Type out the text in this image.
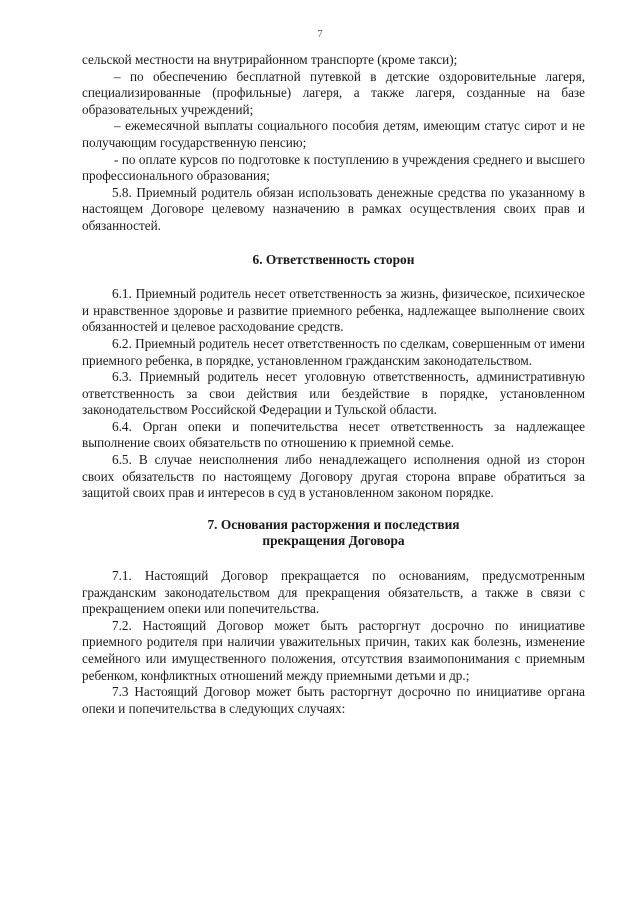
7

сельской местности на внутрирайонном транспорте (кроме такси);

– по обеспечению бесплатной путевкой в детские оздоровительные лагеря, специализированные (профильные) лагеря, а также лагеря, созданные на базе образовательных учреждений;

– ежемесячной выплаты социального пособия детям, имеющим статус сирот и не получающим государственную пенсию;

- по оплате курсов по подготовке к поступлению в учреждения среднего и высшего профессионального образования;

5.8. Приемный родитель обязан использовать денежные средства по указанному в настоящем Договоре целевому назначению в рамках осуществления своих прав и обязанностей.

6. Ответственность сторон

6.1. Приемный родитель несет ответственность за жизнь, физическое, психическое и нравственное здоровье и развитие приемного ребенка, надлежащее выполнение своих обязанностей и целевое расходование средств.

6.2. Приемный родитель несет ответственность по сделкам, совершенным от имени приемного ребенка, в порядке, установленном гражданским законодательством.

6.3. Приемный родитель несет уголовную ответственность, административную ответственность за свои действия или бездействие в порядке, установленном законодательством Российской Федерации и Тульской области.

6.4. Орган опеки и попечительства несет ответственность за надлежащее выполнение своих обязательств по отношению к приемной семье.

6.5. В случае неисполнения либо ненадлежащего исполнения одной из сторон своих обязательств по настоящему Договору другая сторона вправе обратиться за защитой своих прав и интересов в суд в установленном законом порядке.

7. Основания расторжения и последствия

прекращения Договора

7.1. Настоящий Договор прекращается по основаниям, предусмотренным гражданским законодательством для прекращения обязательств, а также в связи с прекращением опеки или попечительства.

7.2. Настоящий Договор может быть расторгнут досрочно по инициативе приемного родителя при наличии уважительных причин, таких как болезнь, изменение семейного или имущественного положения, отсутствия взаимопонимания с приемным ребенком, конфликтных отношений между приемными детьми и др.;

7.3 Настоящий Договор может быть расторгнут досрочно по инициативе органа опеки и попечительства в следующих случаях:
